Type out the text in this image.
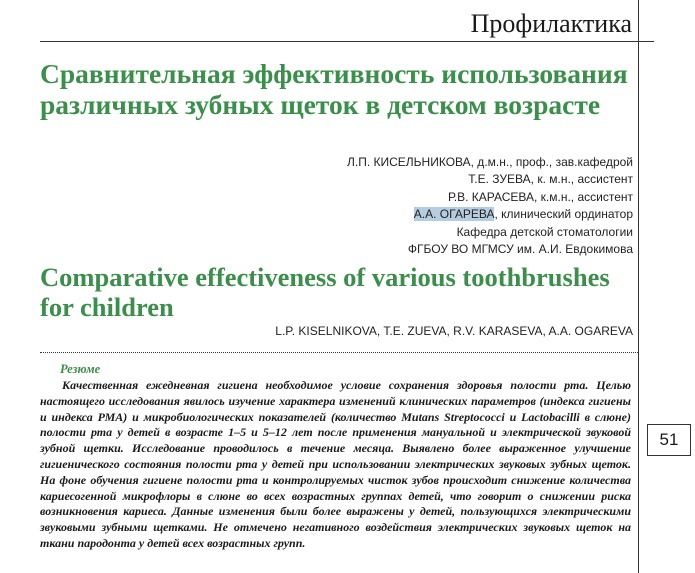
Профилактика
Сравнительная эффективность использования различных зубных щеток в детском возрасте
Л.П. КИСЕЛЬНИКОВА, д.м.н., проф., зав.кафедрой
Т.Е. ЗУЕВА, к. м.н., ассистент
Р.В. КАРАСЕВА, к.м.н., ассистент
А.А. ОГАРЕВА, клинический ординатор
Кафедра детской стоматологии
ФГБОУ ВО МГМСУ им. А.И. Евдокимова
Comparative effectiveness of various toothbrushes for children
L.P. KISELNIKOVA, T.E. ZUEVA, R.V. KARASEVA, A.A. OGAREVA
Резюме

Качественная ежедневная гигиена необходимое условие сохранения здоровья полости рта. Целью настоящего исследования явилось изучение характера изменений клинических параметров (индекса гигиены и индекса РМА) и микробиологических показателей (количество Mutans Streptococci и Lactobacilli в слюне) полости рта у детей в возрасте 1–5 и 5–12 лет после применения мануальной и электрической звуковой зубной щетки. Исследование проводилось в течение месяца. Выявлено более выраженное улучшение гигиенического состояния полости рта у детей при использовании электрических звуковых зубных щеток. На фоне обучения гигиене полости рта и контролируемых чисток зубов происходит снижение количества кариесогенной микрофлоры в слюне во всех возрастных группах детей, что говорит о снижении риска возникновения кариеса. Данные изменения были более выражены у детей, пользующихся электрическими звуковыми зубными щетками. Не отмечено негативного воздействия электрических звуковых щеток на ткани пародонта у детей всех возрастных групп.

51
